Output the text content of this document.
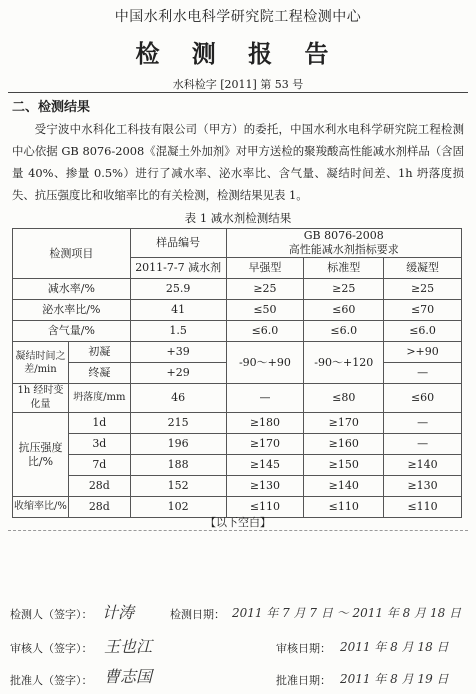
中国水利水电科学研究院工程检测中心
检 测 报 告
水科检字 [2011] 第 53 号
二、检测结果
受宁波中水科化工科技有限公司（甲方）的委托，中国水利水电科学研究院工程检测中心依据 GB 8076-2008《混凝土外加剂》对甲方送检的聚羧酸高性能减水剂样品（含固量 40%、掺量 0.5%）进行了减水率、泌水率比、含气量、凝结时间差、1h 坍落度损失、抗压强度比和收缩率比的有关检测，检测结果见表 1。
表 1 减水剂检测结果
检测项目		样品编号	GB 8076-2008
高性能减水剂指标要求		

		2011-7-7 减水剂	早强型	标准型	缓凝型
减水率/%		25.9	≥25	≥25	≥25
泌水率比/%		41	≤50	≤60	≤70
含气量/%		1.5	≤6.0	≤6.0	≤6.0
凝结时间之差/min	初凝	+39	-90～+90	-90～+120	>+90
	终凝	+29			—
1h 经时变化量	坍落度/mm	46	—	≤80	≤60
抗压强度比/%	1d	215	≥180	≥170	—
	3d	196	≥170	≥160	—
	7d	188	≥145	≥150	≥140
	28d	152	≥130	≥140	≥130
收缩率比/%	28d	102	≤110	≤110	≤110
【以下空白】
检测人（签字）： 计涛	检测日期： 2011 年 7 月 7 日 ～ 2011 年 8 月 18 日
审核人（签字）： 王也江	审核日期： 2011 年 8 月 18 日
批准人（签字）： 曹志国	批准日期： 2011 年 8 月 19 日
